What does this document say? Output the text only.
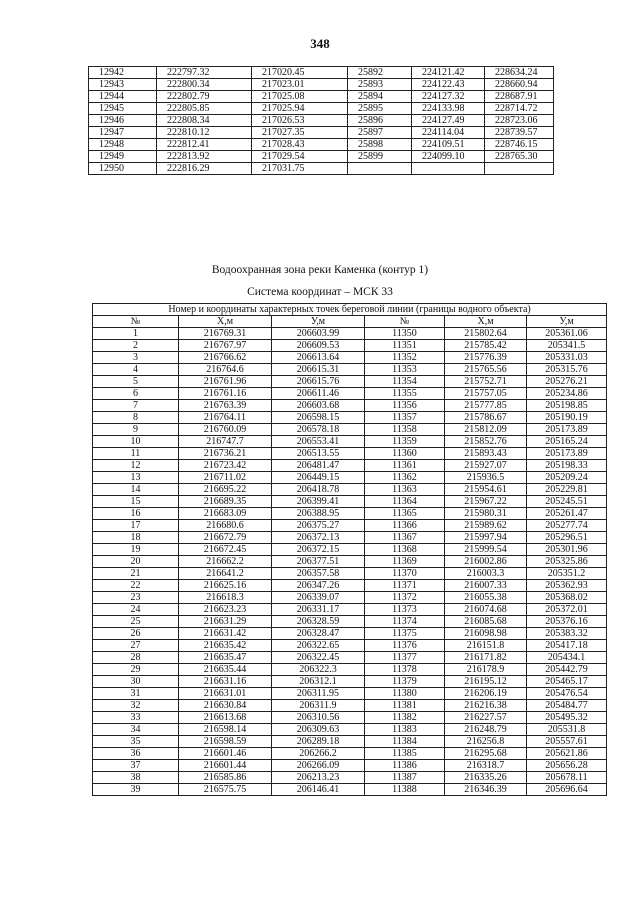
348
12942	222797.32	217020.45	25892	224121.42	228634.24
12943	222800.34	217023.01	25893	224122.43	228660.94
12944	222802.79	217025.08	25894	224127.32	228687.91
12945	222805.85	217025.94	25895	224133.98	228714.72
12946	222808.34	217026.53	25896	224127.49	228723.06
12947	222810.12	217027.35	25897	224114.04	228739.57
12948	222812.41	217028.43	25898	224109.51	228746.15
12949	222813.92	217029.54	25899	224099.10	228765.30
12950	222816.29	217031.75			
Водоохранная зона реки Каменка (контур 1)
Система координат – МСК 33
Номер и координаты характерных точек береговой линии (границы водного объекта)					
№	X,м	У,м	№	X,м	У,м
1	216769.31	206603.99	11350	215802.64	205361.06
2	216767.97	206609.53	11351	215785.42	205341.5
3	216766.62	206613.64	11352	215776.39	205331.03
4	216764.6	206615.31	11353	215765.56	205315.76
5	216761.96	206615.76	11354	215752.71	205276.21
6	216761.16	206611.46	11355	215757.05	205234.86
7	216763.39	206603.68	11356	215777.85	205198.85
8	216764.11	206598.15	11357	215786.67	205190.19
9	216760.09	206578.18	11358	215812.09	205173.89
10	216747.7	206553.41	11359	215852.76	205165.24
11	216736.21	206513.55	11360	215893.43	205173.89
12	216723.42	206481.47	11361	215927.07	205198.33
13	216711.02	206449.15	11362	215936.5	205209.24
14	216695.22	206418.78	11363	215954.61	205229.81
15	216689.35	206399.41	11364	215967.22	205245.51
16	216683.09	206388.95	11365	215980.31	205261.47
17	216680.6	206375.27	11366	215989.62	205277.74
18	216672.79	206372.13	11367	215997.94	205296.51
19	216672.45	206372.15	11368	215999.54	205301.96
20	216662.2	206377.51	11369	216002.86	205325.86
21	216641.2	206357.58	11370	216003.3	205351.2
22	216625.16	206347.26	11371	216007.33	205362.93
23	216618.3	206339.07	11372	216055.38	205368.02
24	216623.23	206331.17	11373	216074.68	205372.01
25	216631.29	206328.59	11374	216085.68	205376.16
26	216631.42	206328.47	11375	216098.98	205383.32
27	216635.42	206322.65	11376	216151.8	205417.18
28	216635.47	206322.45	11377	216171.82	205434.1
29	216635.44	206322.3	11378	216178.9	205442.79
30	216631.16	206312.1	11379	216195.12	205465.17
31	216631.01	206311.95	11380	216206.19	205476.54
32	216630.84	206311.9	11381	216216.38	205484.77
33	216613.68	206310.56	11382	216227.57	205495.32
34	216598.14	206309.63	11383	216248.79	205531.8
35	216598.59	206289.18	11384	216256.8	205557.61
36	216601.46	206266.2	11385	216295.68	205621.86
37	216601.44	206266.09	11386	216318.7	205656.28
38	216585.86	206213.23	11387	216335.26	205678.11
39	216575.75	206146.41	11388	216346.39	205696.64
